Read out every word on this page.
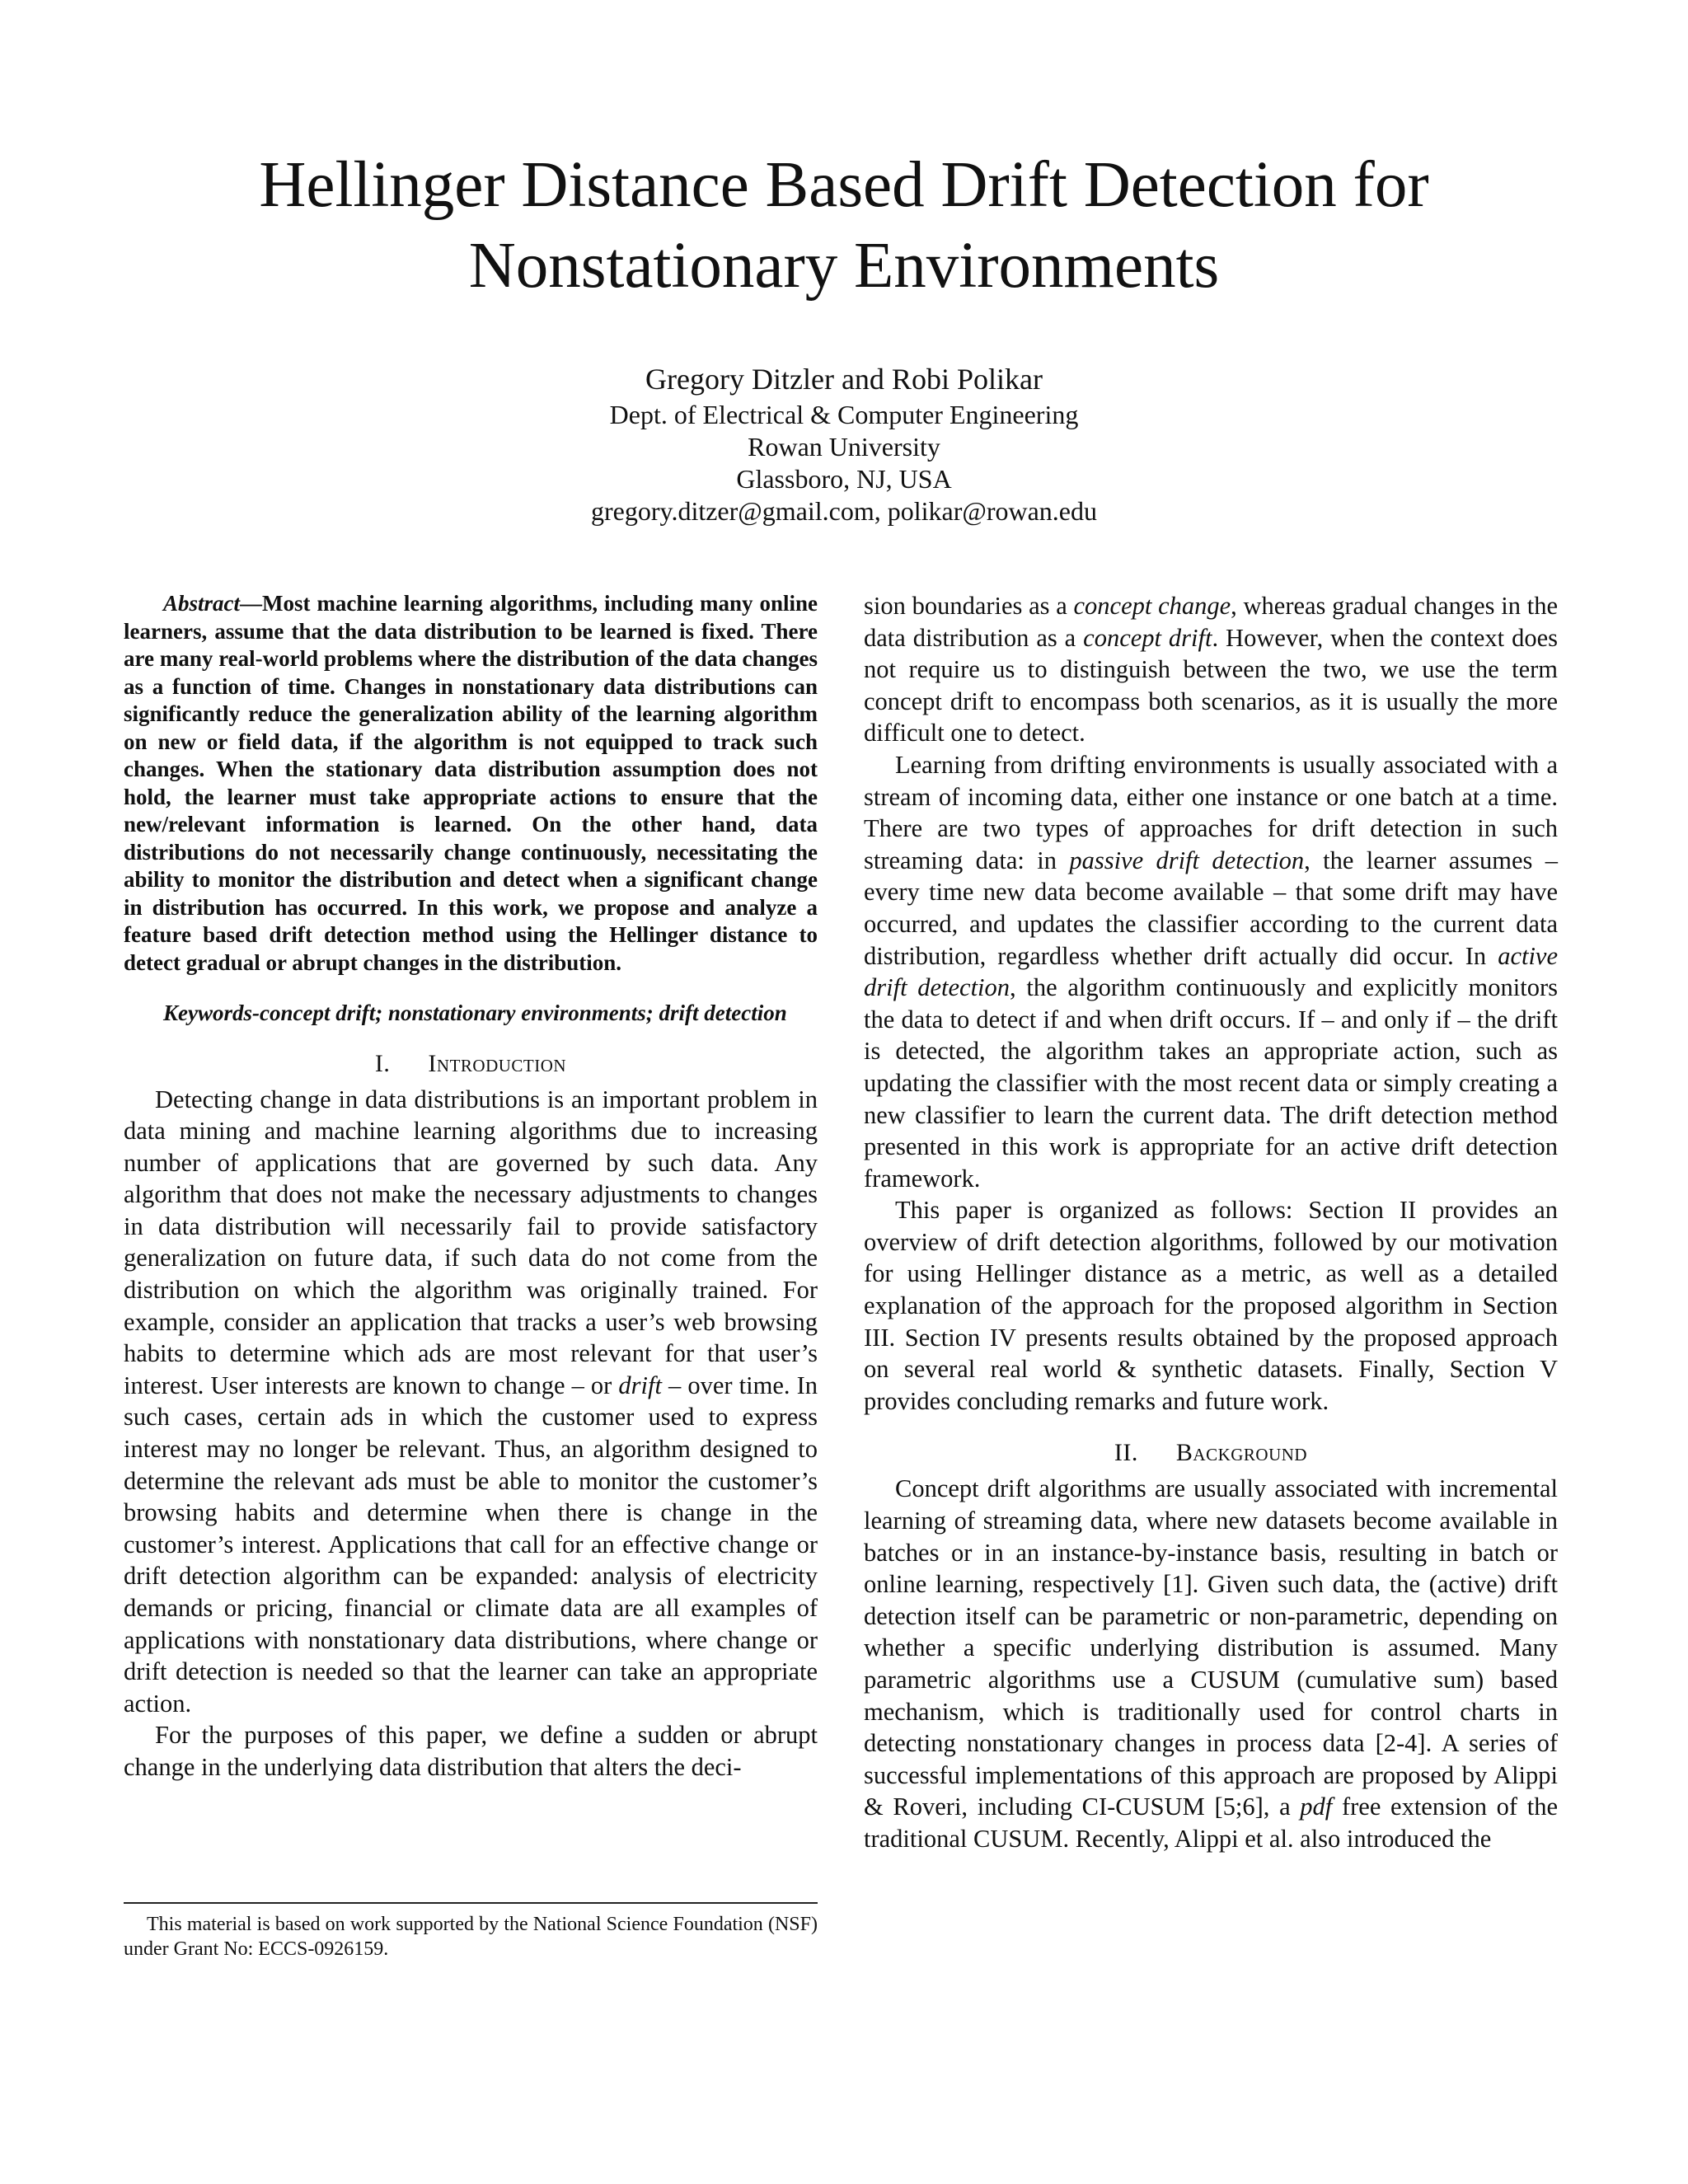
Hellinger Distance Based Drift Detection for
Nonstationary Environments
Gregory Ditzler and Robi Polikar
Dept. of Electrical & Computer Engineering
Rowan University
Glassboro, NJ, USA
gregory.ditzer@gmail.com, polikar@rowan.edu

Abstract—Most machine learning algorithms, including many online learners, assume that the data distribution to be learned is fixed. There are many real-world problems where the distribution of the data changes as a function of time. Changes in nonstationary data distributions can significantly reduce the generalization ability of the learning algorithm on new or field data, if the algorithm is not equipped to track such changes. When the stationary data distribution assumption does not hold, the learner must take appropriate actions to ensure that the new/relevant information is learned. On the other hand, data distributions do not necessarily change continuously, necessitating the ability to monitor the distribution and detect when a significant change in distribution has occurred. In this work, we propose and analyze a feature based drift detection method using the Hellinger distance to detect gradual or abrupt changes in the distribution.

Keywords-concept drift; nonstationary environments; drift detection

I. Introduction

Detecting change in data distributions is an important problem in data mining and machine learning algorithms due to increasing number of applications that are governed by such data. Any algorithm that does not make the necessary adjustments to changes in data distribution will necessarily fail to provide satisfactory generalization on future data, if such data do not come from the distribution on which the algorithm was originally trained. For example, consider an application that tracks a user’s web browsing habits to determine which ads are most relevant for that user’s interest. User interests are known to change – or drift – over time. In such cases, certain ads in which the customer used to express interest may no longer be relevant. Thus, an algorithm designed to determine the relevant ads must be able to monitor the customer’s browsing habits and determine when there is change in the customer’s interest. Applications that call for an effective change or drift detection algorithm can be expanded: analysis of electricity demands or pricing, financial or climate data are all examples of applications with nonstationary data distributions, where change or drift detection is needed so that the learner can take an appropriate action.

For the purposes of this paper, we define a sudden or abrupt change in the underlying data distribution that alters the deci-

This material is based on work supported by the National Science Foundation (NSF) under Grant No: ECCS-0926159.

sion boundaries as a concept change, whereas gradual changes in the data distribution as a concept drift. However, when the context does not require us to distinguish between the two, we use the term concept drift to encompass both scenarios, as it is usually the more difficult one to detect.

Learning from drifting environments is usually associated with a stream of incoming data, either one instance or one batch at a time. There are two types of approaches for drift detection in such streaming data: in passive drift detection, the learner assumes – every time new data become available – that some drift may have occurred, and updates the classifier according to the current data distribution, regardless whether drift actually did occur. In active drift detection, the algorithm continuously and explicitly monitors the data to detect if and when drift occurs. If – and only if – the drift is detected, the algorithm takes an appropriate action, such as updating the classifier with the most recent data or simply creating a new classifier to learn the current data. The drift detection method presented in this work is appropriate for an active drift detection framework.

This paper is organized as follows: Section II provides an overview of drift detection algorithms, followed by our motivation for using Hellinger distance as a metric, as well as a detailed explanation of the approach for the proposed algorithm in Section III. Section IV presents results obtained by the proposed approach on several real world & synthetic datasets. Finally, Section V provides concluding remarks and future work.

II. Background

Concept drift algorithms are usually associated with incremental learning of streaming data, where new datasets become available in batches or in an instance-by-instance basis, resulting in batch or online learning, respectively [1]. Given such data, the (active) drift detection itself can be parametric or non-parametric, depending on whether a specific underlying distribution is assumed. Many parametric algorithms use a CUSUM (cumulative sum) based mechanism, which is traditionally used for control charts in detecting nonstationary changes in process data [2-4]. A series of successful implementations of this approach are proposed by Alippi & Roveri, including CI-CUSUM [5;6], a pdf free extension of the traditional CUSUM. Recently, Alippi et al. also introduced the
